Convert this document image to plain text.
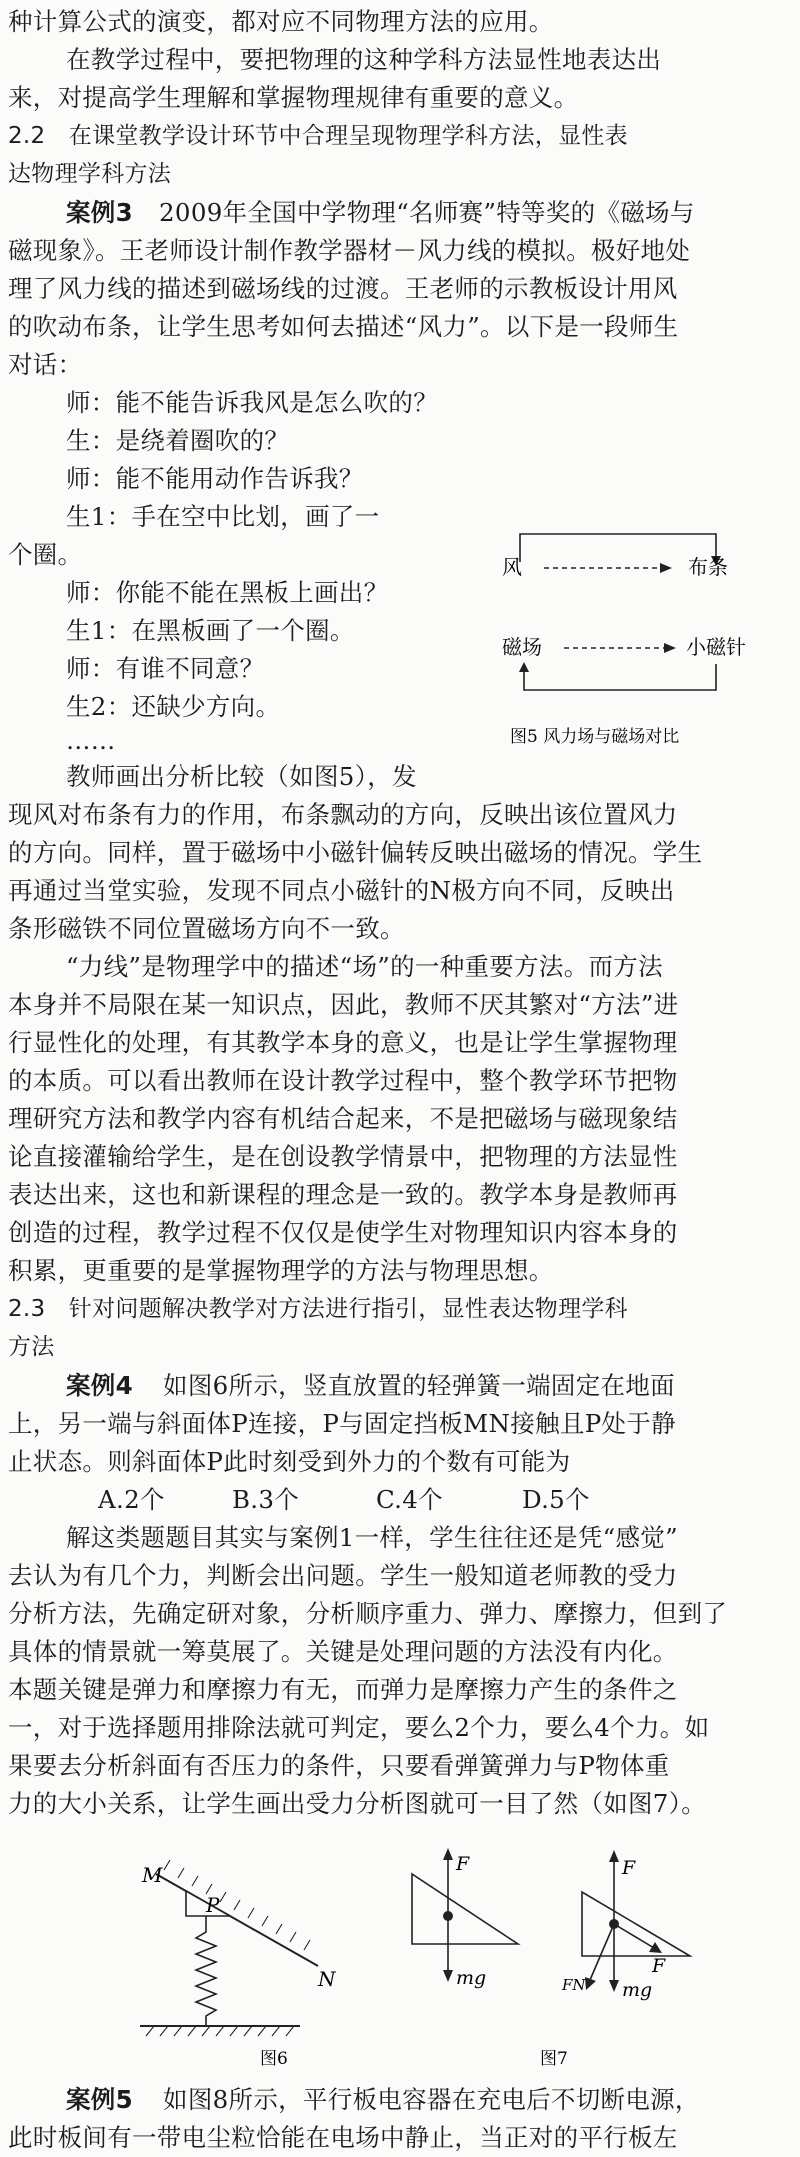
种计算公式的演变，都对应不同物理方法的应用。
在教学过程中，要把物理的这种学科方法显性地表达出
来，对提高学生理解和掌握物理规律有重要的意义。
2.2　在课堂教学设计环节中合理呈现物理学科方法，显性表
达物理学科方法
案例3 2009年全国中学物理“名师赛”特等奖的《磁场与
磁现象》。王老师设计制作教学器材－风力线的模拟。极好地处
理了风力线的描述到磁场线的过渡。王老师的示教板设计用风
的吹动布条，让学生思考如何去描述“风力”。以下是一段师生
对话：
师：能不能告诉我风是怎么吹的？
生：是绕着圈吹的？
师：能不能用动作告诉我？
生1：手在空中比划，画了一
个圈。
师：你能不能在黑板上画出？
生1：在黑板画了一个圈。
师：有谁不同意？
生2：还缺少方向。
……
教师画出分析比较（如图5），发
风	布条
磁场	小磁针
图5 风力场与磁场对比
现风对布条有力的作用，布条飘动的方向，反映出该位置风力
的方向。同样，置于磁场中小磁针偏转反映出磁场的情况。学生
再通过当堂实验，发现不同点小磁针的N极方向不同，反映出
条形磁铁不同位置磁场方向不一致。
“力线”是物理学中的描述“场”的一种重要方法。而方法
本身并不局限在某一知识点，因此，教师不厌其繁对“方法”进
行显性化的处理，有其教学本身的意义，也是让学生掌握物理
的本质。可以看出教师在设计教学过程中，整个教学环节把物
理研究方法和教学内容有机结合起来，不是把磁场与磁现象结
论直接灌输给学生，是在创设教学情景中，把物理的方法显性
表达出来，这也和新课程的理念是一致的。教学本身是教师再
创造的过程，教学过程不仅仅是使学生对物理知识内容本身的
积累，更重要的是掌握物理学的方法与物理思想。
2.3　针对问题解决教学对方法进行指引，显性表达物理学科
方法
案例4 如图6所示，竖直放置的轻弹簧一端固定在地面
上，另一端与斜面体P连接，P与固定挡板MN接触且P处于静
止状态。则斜面体P此时刻受到外力的个数有可能为
A.2个	B.3个	C.4个	D.5个
解这类题题目其实与案例1一样，学生往往还是凭“感觉”
去认为有几个力，判断会出问题。学生一般知道老师教的受力
分析方法，先确定研对象，分析顺序重力、弹力、摩擦力，但到了
具体的情景就一筹莫展了。关键是处理问题的方法没有内化。
本题关键是弹力和摩擦力有无，而弹力是摩擦力产生的条件之
一，对于选择题用排除法就可判定，要么2个力，要么4个力。如
果要去分析斜面有否压力的条件，只要看弹簧弹力与P物体重
力的大小关系，让学生画出受力分析图就可一目了然（如图7）。
M
N
P
图6
F
mg
F
F
FN mg
图7
案例5 如图8所示，平行板电容器在充电后不切断电源，
此时板间有一带电尘粒恰能在电场中静止，当正对的平行板左
